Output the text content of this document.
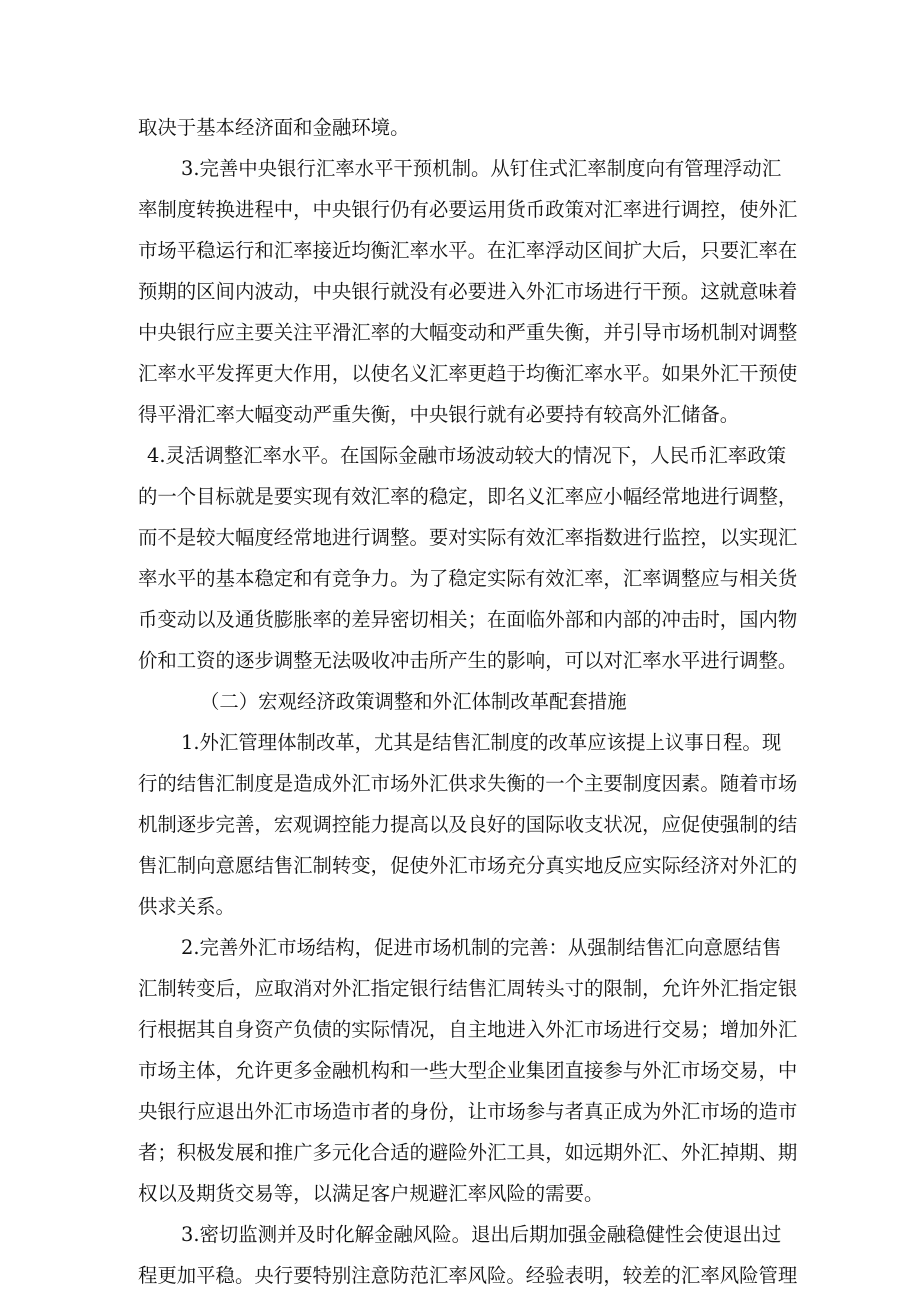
取决于基本经济面和金融环境。
3.完善中央银行汇率水平干预机制。从钉住式汇率制度向有管理浮动汇
率制度转换进程中，中央银行仍有必要运用货币政策对汇率进行调控，使外汇
市场平稳运行和汇率接近均衡汇率水平。在汇率浮动区间扩大后，只要汇率在
预期的区间内波动，中央银行就没有必要进入外汇市场进行干预。这就意味着
中央银行应主要关注平滑汇率的大幅变动和严重失衡，并引导市场机制对调整
汇率水平发挥更大作用，以使名义汇率更趋于均衡汇率水平。如果外汇干预使
得平滑汇率大幅变动严重失衡，中央银行就有必要持有较高外汇储备。
4.灵活调整汇率水平。在国际金融市场波动较大的情况下，人民币汇率政策
的一个目标就是要实现有效汇率的稳定，即名义汇率应小幅经常地进行调整，
而不是较大幅度经常地进行调整。要对实际有效汇率指数进行监控，以实现汇
率水平的基本稳定和有竞争力。为了稳定实际有效汇率，汇率调整应与相关货
币变动以及通货膨胀率的差异密切相关；在面临外部和内部的冲击时，国内物
价和工资的逐步调整无法吸收冲击所产生的影响，可以对汇率水平进行调整。
（二）宏观经济政策调整和外汇体制改革配套措施
1.外汇管理体制改革，尤其是结售汇制度的改革应该提上议事日程。现
行的结售汇制度是造成外汇市场外汇供求失衡的一个主要制度因素。随着市场
机制逐步完善，宏观调控能力提高以及良好的国际收支状况，应促使强制的结
售汇制向意愿结售汇制转变，促使外汇市场充分真实地反应实际经济对外汇的
供求关系。
2.完善外汇市场结构，促进市场机制的完善：从强制结售汇向意愿结售
汇制转变后，应取消对外汇指定银行结售汇周转头寸的限制，允许外汇指定银
行根据其自身资产负债的实际情况，自主地进入外汇市场进行交易；增加外汇
市场主体，允许更多金融机构和一些大型企业集团直接参与外汇市场交易，中
央银行应退出外汇市场造市者的身份，让市场参与者真正成为外汇市场的造市
者；积极发展和推广多元化合适的避险外汇工具，如远期外汇、外汇掉期、期
权以及期货交易等，以满足客户规避汇率风险的需要。
3.密切监测并及时化解金融风险。退出后期加强金融稳健性会使退出过
程更加平稳。央行要特别注意防范汇率风险。经验表明，较差的汇率风险管理
